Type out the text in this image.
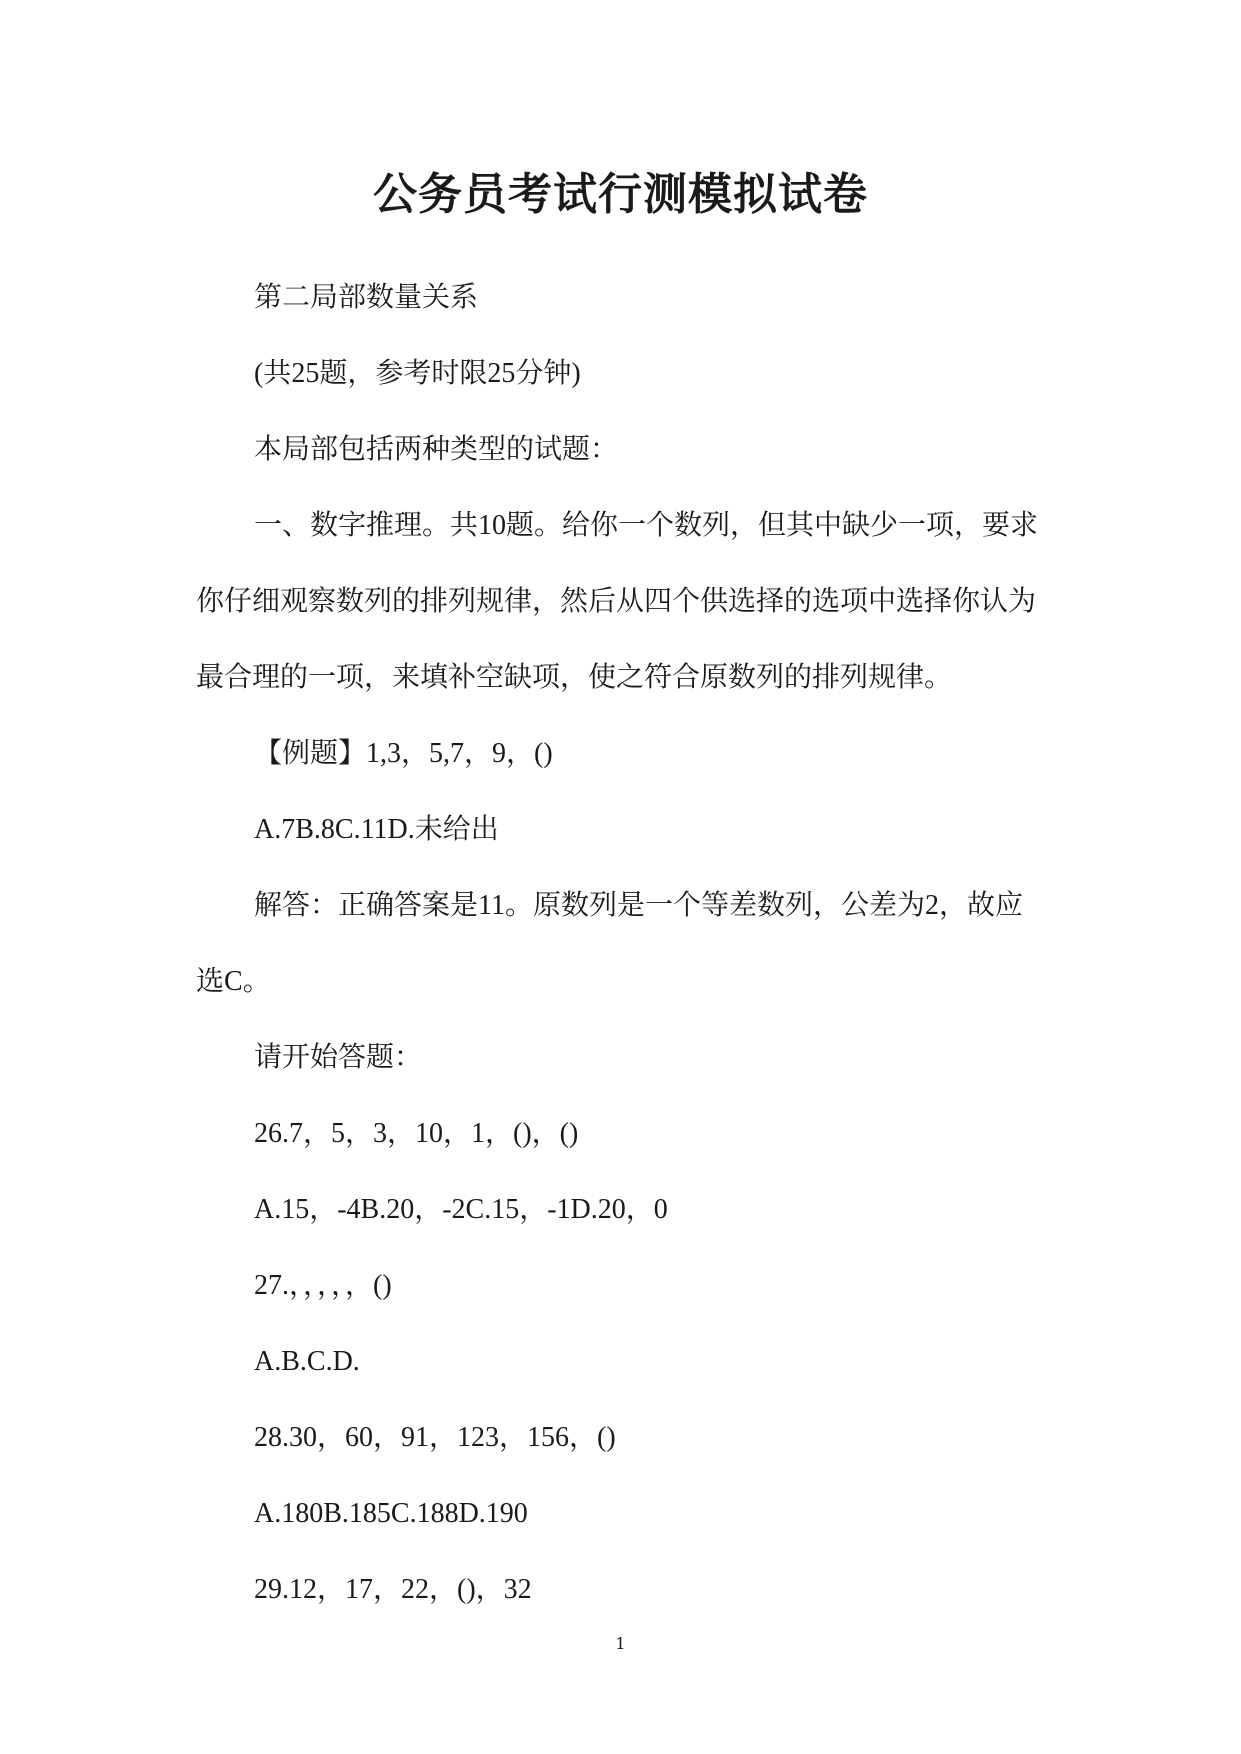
公务员考试行测模拟试卷

第二局部数量关系

(共25题，参考时限25分钟)

本局部包括两种类型的试题：

一、数字推理。共10题。给你一个数列，但其中缺少一项，要求你仔细观察数列的排列规律，然后从四个供选择的选项中选择你认为最合理的一项，来填补空缺项，使之符合原数列的排列规律。

【例题】1,3，5,7，9，()

A.7B.8C.11D.未给出

解答：正确答案是11。原数列是一个等差数列，公差为2，故应选C。

请开始答题：

26.7，5，3，10，1，()，()

A.15，-4B.20，-2C.15，-1D.20，0

27.，，，，，()

A.B.C.D.

28.30，60，91，123，156，()

A.180B.185C.188D.190

29.12，17，22，()，32

1
